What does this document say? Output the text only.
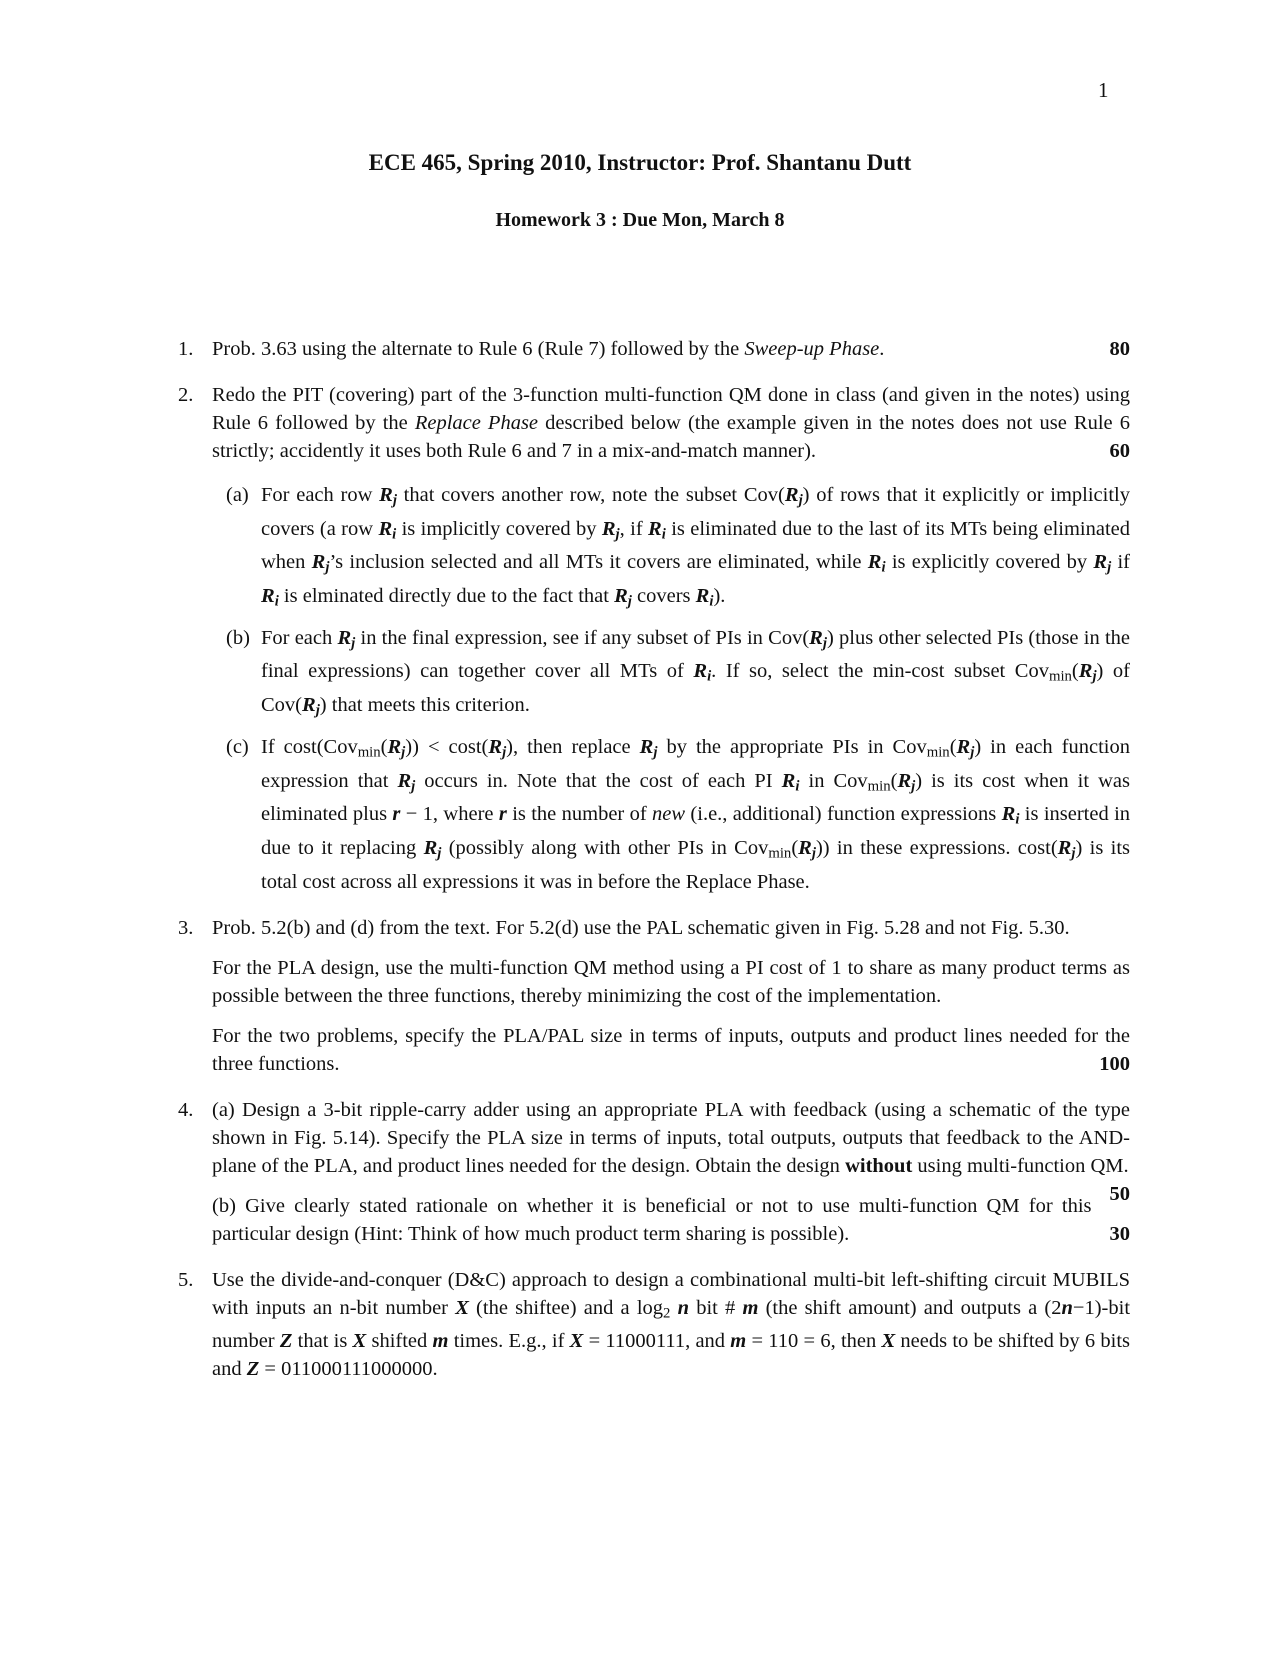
1
ECE 465, Spring 2010, Instructor: Prof. Shantanu Dutt
Homework 3 : Due Mon, March 8
1.	80
Prob. 3.63 using the alternate to Rule 6 (Rule 7) followed by the Sweep-up Phase.

2. Redo the PIT (covering) part of the 3-function multi-function QM done in class (and given in the notes) using Rule 6 followed by the Replace Phase described below (the example given in the notes does not use Rule 6 strictly; accidently it uses both Rule 6 and 7 in a mix-and-match manner).	60

(a) For each row Rj that covers another row, note the subset Cov(Rj) of rows that it explicitly or implicitly covers (a row Ri is implicitly covered by Rj, if Ri is eliminated due to the last of its MTs being eliminated when Rj’s inclusion selected and all MTs it covers are eliminated, while Ri is explicitly covered by Rj if Ri is elminated directly due to the fact that Rj covers Ri).
(b) For each Rj in the final expression, see if any subset of PIs in Cov(Rj) plus other selected PIs (those in the final expressions) can together cover all MTs of Ri. If so, select the min-cost subset Covmin(Rj) of Cov(Rj) that meets this criterion.
(c) If cost(Covmin(Rj)) < cost(Rj), then replace Rj by the appropriate PIs in Covmin(Rj) in each function expression that Rj occurs in. Note that the cost of each PI Ri in Covmin(Rj) is its cost when it was eliminated plus r − 1, where r is the number of new (i.e., additional) function expressions Ri is inserted in due to it replacing Rj (possibly along with other PIs in Covmin(Rj)) in these expressions. cost(Rj) is its total cost across all expressions it was in before the Replace Phase.
3. Prob. 5.2(b) and (d) from the text. For 5.2(d) use the PAL schematic given in Fig. 5.28 and not Fig. 5.30.

For the PLA design, use the multi-function QM method using a PI cost of 1 to share as many product terms as possible between the three functions, thereby minimizing the cost of the implementation.

For the two problems, specify the PLA/PAL size in terms of inputs, outputs and product lines needed for the three functions.	100

4. (a) Design a 3-bit ripple-carry adder using an appropriate PLA with feedback (using a schematic of the type shown in Fig. 5.14). Specify the PLA size in terms of inputs, total outputs, outputs that feedback to the AND-plane of the PLA, and product lines needed for the design. Obtain the design without using multi-function QM.
50

(b) Give clearly stated rationale on whether it is beneficial or not to use multi-function QM for this particular design (Hint: Think of how much product term sharing is possible).	30

5. Use the divide-and-conquer (D&C) approach to design a combinational multi-bit left-shifting circuit MUBILS with inputs an n-bit number X (the shiftee) and a log2 n bit # m (the shift amount) and outputs a (2n−1)-bit number Z that is X shifted m times. E.g., if X = 11000111, and m = 110 = 6, then X needs to be shifted by 6 bits and Z = 011000111000000.
